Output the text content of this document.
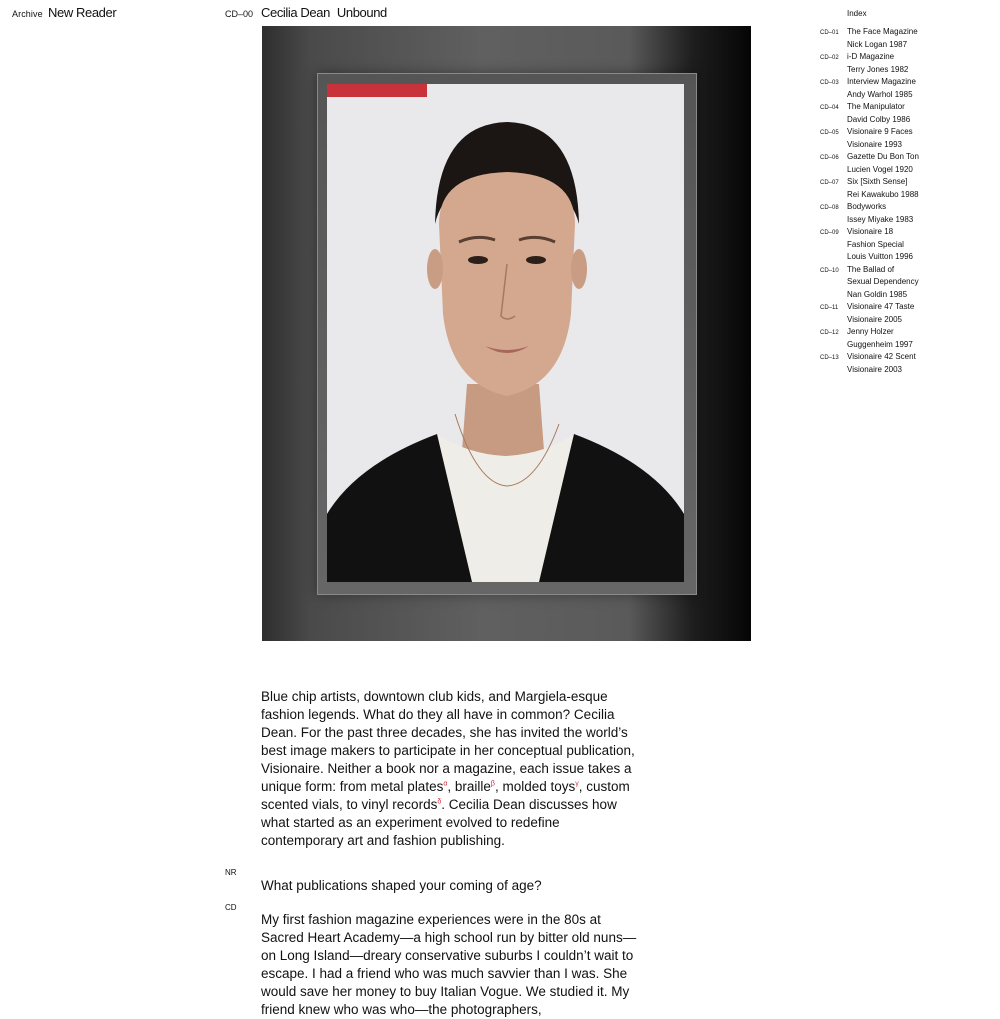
Archive New Reader	CD–00 Cecilia Dean Unbound	Index
CD–01	The Face Magazine
Nick Logan 1987
CD–02	i-D Magazine
Terry Jones 1982
CD–03	Interview Magazine
Andy Warhol 1985
CD–04	The Manipulator
David Colby 1986
CD–05	Visionaire 9 Faces
Visionaire 1993
CD–06	Gazette Du Bon Ton
Lucien Vogel 1920
CD–07	Six [Sixth Sense]
Rei Kawakubo 1988
CD–08	Bodyworks
Issey Miyake 1983
CD–09	Visionaire 18
Fashion Special
Louis Vuitton 1996
CD–10	The Ballad of
Sexual Dependency
Nan Goldin 1985
CD–11	Visionaire 47 Taste
Visionaire 2005
CD–12	Jenny Holzer
Guggenheim 1997
CD–13	Visionaire 42 Scent
Visionaire 2003

Blue chip artists, downtown club kids, and Margiela-esque fashion legends. What do they all have in common? Cecilia Dean. For the past three decades, she has invited the world’s best image makers to participate in her conceptual publication, Visionaire. Neither a book nor a magazine, each issue takes a unique form: from metal plates$^\alpha$, braille$^\beta$, molded toys$^\gamma$, custom scented vials, to vinyl records$^\delta$. Cecilia Dean discusses how what started as an experiment evolved to redefine contemporary art and fashion publishing.

NR

What publications shaped your coming of age?

CD

My first fashion magazine experiences were in the 80s at Sacred Heart Academy—a high school run by bitter old nuns—on Long Island—dreary conservative suburbs I couldn’t wait to escape. I had a friend who was much savvier than I was. She would save her money to buy Italian Vogue. We studied it. My friend knew who was who—the photographers,
